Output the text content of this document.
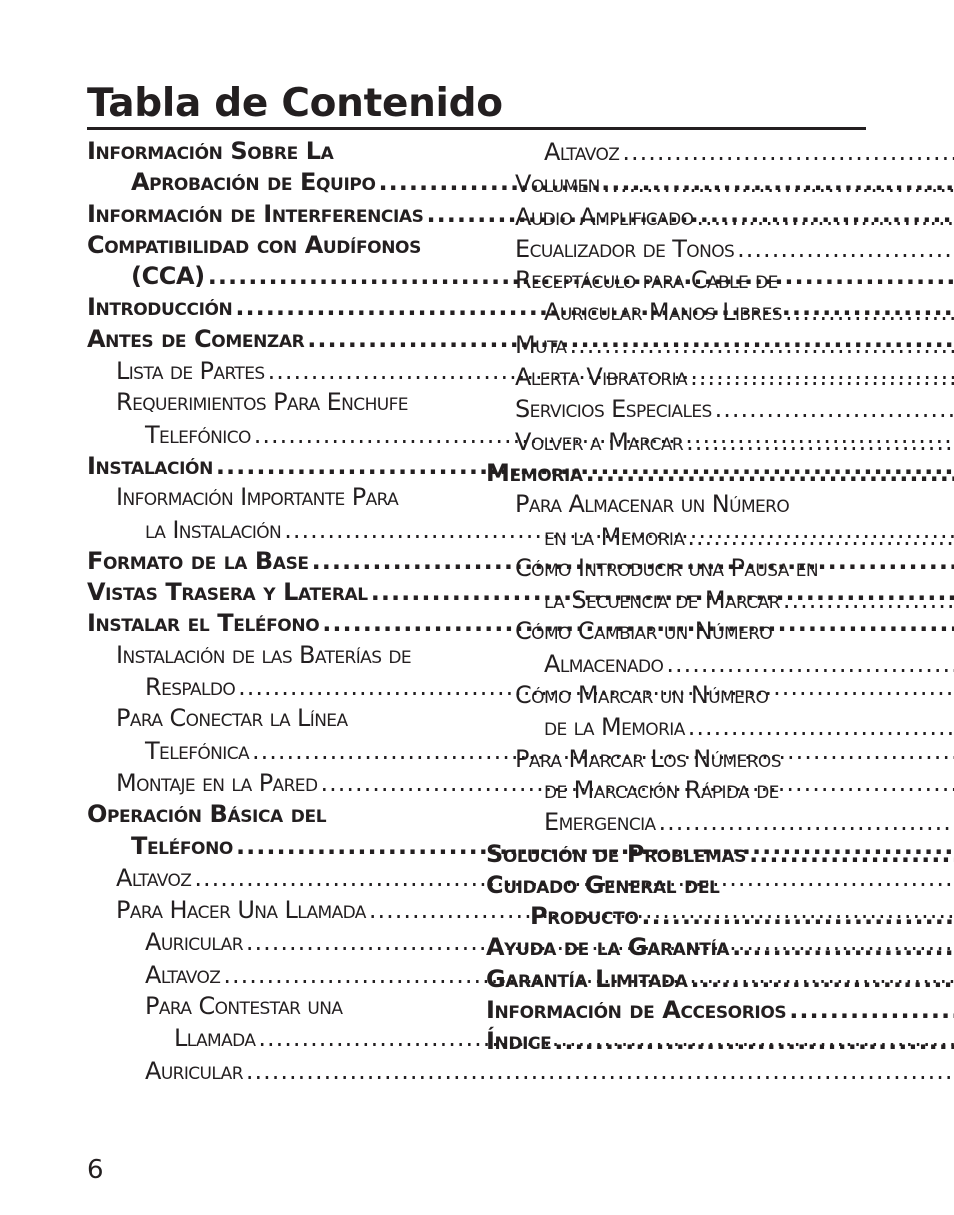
Tabla de Contenido
Información Sobre La
Aprobación de Equipo
.....
Información de Interferencias
.....
Compatibilidad con Audífonos
(CCA)
.....
Introducción
.....
Antes de Comenzar
.....
Lista de Partes
.....
Requerimientos Para Enchufe
Telefónico
.....
Instalación
.....
Información Importante Para
la Instalación
.....
Formato de la Base
.....
Vistas Trasera y Lateral
.....
Instalar el Teléfono
.....
Instalación de las Baterías de
Respaldo
.....
Para Conectar la Línea
Telefónica
.....
Montaje en la Pared
.....
Operación Básica del
Teléfono
.....
Altavoz
.....
Para Hacer Una Llamada
.....
Auricular
.....
Altavoz
.....
Para Contestar una
Llamada
.....
Auricular
.....
Altavoz
.....
Volumen
.....
Audio Amplificado
.....
Ecualizador de Tonos
.....
Receptáculo para Cable de
Auricular Manos Libres
.....
Muta
.....
Alerta Vibratoria
.....
Servicios Especiales
.....
Volver a Marcar
.....
Memoria
.....
Para Almacenar un Número
en la Memoria
.....
Cómo Introducir una Pausa en
la Secuencia de Marcar
.....
Cómo Cambiar un Número
Almacenado
.....
Cómo Marcar un Número
de la Memoria
.....
Para Marcar Los Números
de Marcación Rápida de
Emergencia
.....
Solución de Problemas
.....
Cuidado General del
Producto
.....
Ayuda de la Garantía
.....
Garantía Limitada
.....
Información de Accesorios
.....
Índice
.....
6
